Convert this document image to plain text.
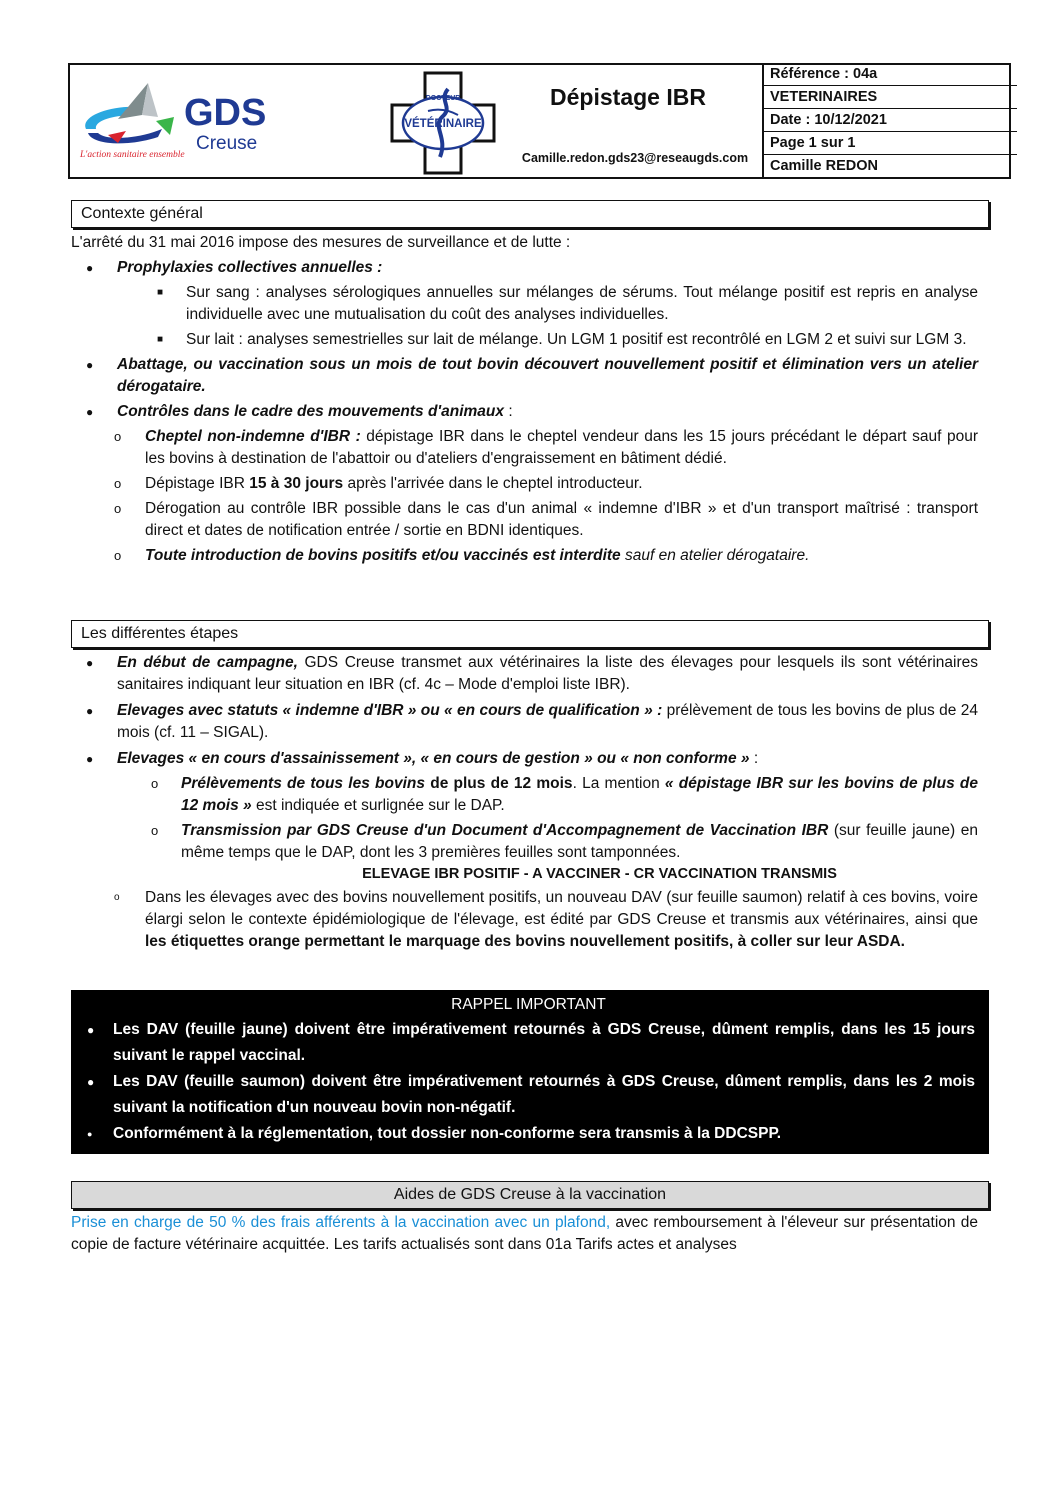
GDS
Creuse
L'action sanitaire ensemble
DOCTEUR
VÉTÉRINAIRE
Dépistage IBR
Camille.redon.gds23@reseaugds.com
Référence : 04a
VETERINAIRES
Date : 10/12/2021
Page 1 sur 1
Camille REDON
Contexte général

L'arrêté du 31 mai 2016 impose des mesures de surveillance et de lutte :

● Prophylaxies collectives annuelles :
■ Sur sang : analyses sérologiques annuelles sur mélanges de sérums. Tout mélange positif est repris en analyse individuelle avec une mutualisation du coût des analyses individuelles.
■ Sur lait : analyses semestrielles sur lait de mélange. Un LGM 1 positif est recontrôlé en LGM 2 et suivi sur LGM 3.
● Abattage, ou vaccination sous un mois de tout bovin découvert nouvellement positif et élimination vers un atelier dérogataire.
● Contrôles dans le cadre des mouvements d'animaux :
o Cheptel non-indemne d'IBR : dépistage IBR dans le cheptel vendeur dans les 15 jours précédant le départ sauf pour les bovins à destination de l'abattoir ou d'ateliers d'engraissement en bâtiment dédié.
o Dépistage IBR 15 à 30 jours après l'arrivée dans le cheptel introducteur.
o Dérogation au contrôle IBR possible dans le cas d'un animal « indemne d'IBR » et d'un transport maîtrisé : transport direct et dates de notification entrée / sortie en BDNI identiques.
o Toute introduction de bovins positifs et/ou vaccinés est interdite sauf en atelier dérogataire.
Les différentes étapes
● En début de campagne, GDS Creuse transmet aux vétérinaires la liste des élevages pour lesquels ils sont vétérinaires sanitaires indiquant leur situation en IBR (cf. 4c – Mode d'emploi liste IBR).
● Elevages avec statuts « indemne d'IBR » ou « en cours de qualification » : prélèvement de tous les bovins de plus de 24 mois (cf. 11 – SIGAL).
● Elevages « en cours d'assainissement », « en cours de gestion » ou « non conforme » :
o Prélèvements de tous les bovins de plus de 12 mois. La mention « dépistage IBR sur les bovins de plus de 12 mois » est indiquée et surlignée sur le DAP.
o Transmission par GDS Creuse d'un Document d'Accompagnement de Vaccination IBR (sur feuille jaune) en même temps que le DAP, dont les 3 premières feuilles sont tamponnées.

ELEVAGE IBR POSITIF - A VACCINER - CR VACCINATION TRANSMIS

o Dans les élevages avec des bovins nouvellement positifs, un nouveau DAV (sur feuille saumon) relatif à ces bovins, voire élargi selon le contexte épidémiologique de l'élevage, est édité par GDS Creuse et transmis aux vétérinaires, ainsi que les étiquettes orange permettant le marquage des bovins nouvellement positifs, à coller sur leur ASDA.
RAPPEL IMPORTANT
● Les DAV (feuille jaune) doivent être impérativement retournés à GDS Creuse, dûment remplis, dans les 15 jours suivant le rappel vaccinal.
● Les DAV (feuille saumon) doivent être impérativement retournés à GDS Creuse, dûment remplis, dans les 2 mois suivant la notification d'un nouveau bovin non-négatif.
● Conformément à la réglementation, tout dossier non-conforme sera transmis à la DDCSPP.
Aides de GDS Creuse à la vaccination

Prise en charge de 50 % des frais afférents à la vaccination avec un plafond, avec remboursement à l'éleveur sur présentation de copie de facture vétérinaire acquittée. Les tarifs actualisés sont dans 01a Tarifs actes et analyses
